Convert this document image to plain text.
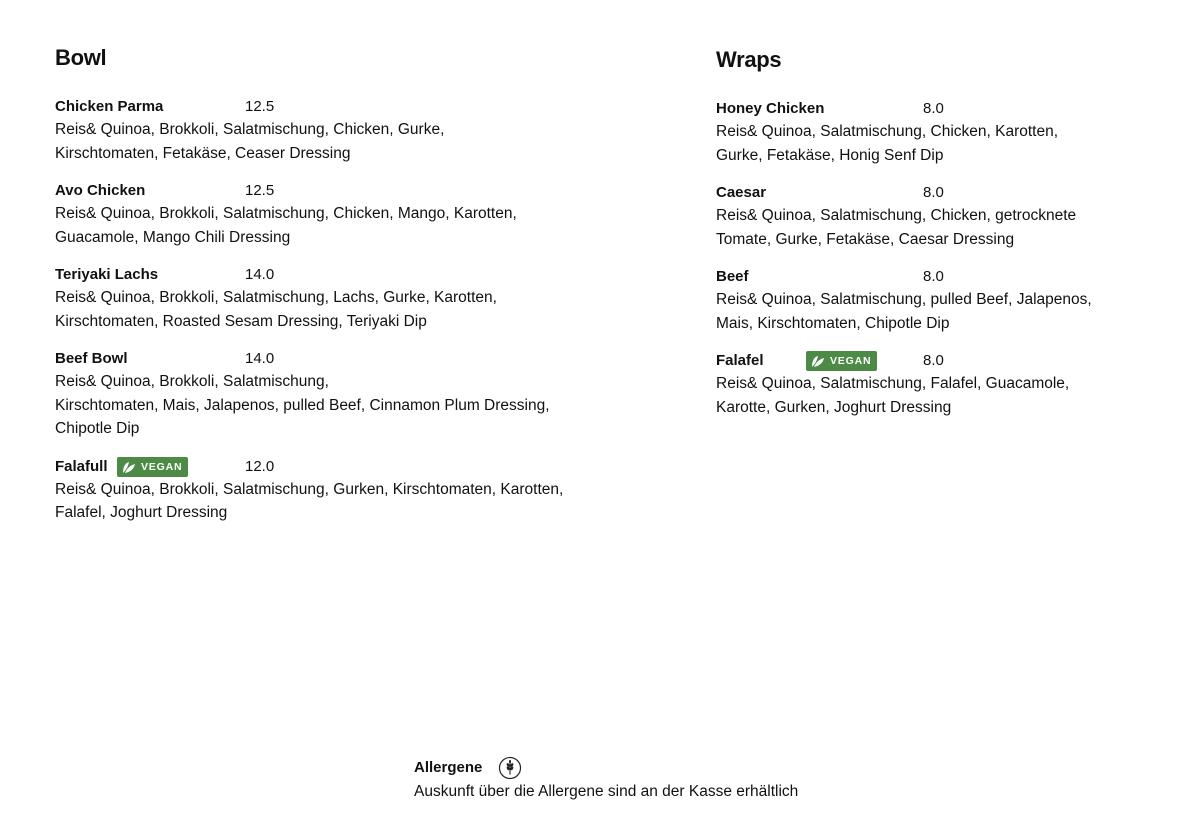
Bowl
Chicken Parma	12.5
Reis& Quinoa, Brokkoli, Salatmischung, Chicken, Gurke,
Kirschtomaten, Fetakäse, Ceaser Dressing
Avo Chicken	12.5
Reis& Quinoa, Brokkoli, Salatmischung, Chicken, Mango, Karotten,
Guacamole, Mango Chili Dressing
Teriyaki Lachs	14.0
Reis& Quinoa, Brokkoli, Salatmischung, Lachs, Gurke, Karotten,
Kirschtomaten, Roasted Sesam Dressing, Teriyaki Dip
Beef Bowl	14.0
Reis& Quinoa, Brokkoli, Salatmischung,
Kirschtomaten, Mais, Jalapenos, pulled Beef, Cinnamon Plum Dressing,
Chipotle Dip
Falafull	VEGAN	12.0
Reis& Quinoa, Brokkoli, Salatmischung, Gurken, Kirschtomaten, Karotten,
Falafel, Joghurt Dressing
Wraps
Honey Chicken	8.0
Reis& Quinoa, Salatmischung, Chicken, Karotten,
Gurke, Fetakäse, Honig Senf Dip
Caesar	8.0
Reis& Quinoa, Salatmischung, Chicken, getrocknete
Tomate, Gurke, Fetakäse, Caesar Dressing
Beef	8.0
Reis& Quinoa, Salatmischung, pulled Beef, Jalapenos,
Mais, Kirschtomaten, Chipotle Dip
Falafel	VEGAN	8.0
Reis& Quinoa, Salatmischung, Falafel, Guacamole,
Karotte, Gurken, Joghurt Dressing
Allergene
Auskunft über die Allergene sind an der Kasse erhältlich
